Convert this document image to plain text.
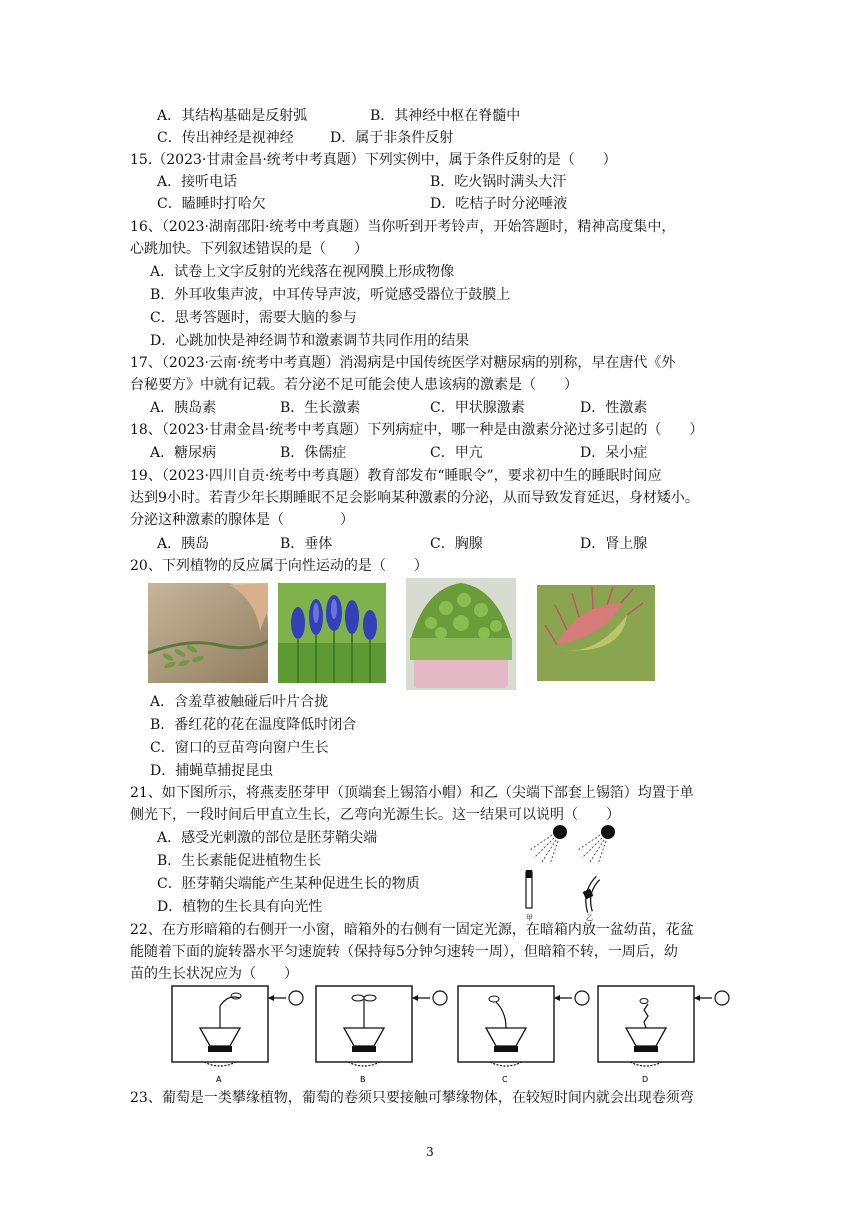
A．其结构基础是反射弧	B．其神经中枢在脊髓中
C．传出神经是视神经	D．属于非条件反射
15.（2023·甘肃金昌·统考中考真题）下列实例中，属于条件反射的是（　　）
A．接听电话	B．吃火锅时满头大汗
C．瞌睡时打哈欠	D．吃桔子时分泌唾液
16、（2023·湖南邵阳·统考中考真题）当你听到开考铃声，开始答题时，精神高度集中，
心跳加快。下列叙述错误的是（　　）
A．试卷上文字反射的光线落在视网膜上形成物像
B．外耳收集声波，中耳传导声波，听觉感受器位于鼓膜上
C．思考答题时，需要大脑的参与
D．心跳加快是神经调节和激素调节共同作用的结果
17、（2023·云南·统考中考真题）消渴病是中国传统医学对糖尿病的别称，早在唐代《外
台秘要方》中就有记载。若分泌不足可能会使人患该病的激素是（　　）
A．胰岛素	B．生长激素	C．甲状腺激素	D．性激素
18、（2023·甘肃金昌·统考中考真题）下列病症中，哪一种是由激素分泌过多引起的（　　）
A．糖尿病	B．侏儒症	C．甲亢	D．呆小症
19、（2023·四川自贡·统考中考真题）教育部发布“睡眠令”，要求初中生的睡眠时间应
达到9小时。若青少年长期睡眠不足会影响某种激素的分泌，从而导致发育延迟，身材矮小。
分泌这种激素的腺体是（　　　　）
A．胰岛	B．垂体	C．胸腺	D．肾上腺
20、下列植物的反应属于向性运动的是（　　）
A．含羞草被触碰后叶片合拢
B．番红花的花在温度降低时闭合
C．窗口的豆苗弯向窗户生长
D．捕蝇草捕捉昆虫
21、如下图所示，将燕麦胚芽甲（顶端套上锡箔小帽）和乙（尖端下部套上锡箔）均置于单
侧光下，一段时间后甲直立生长，乙弯向光源生长。这一结果可以说明（　　）
A．感受光刺激的部位是胚芽鞘尖端
B．生长素能促进植物生长
C．胚芽鞘尖端能产生某种促进生长的物质
D．植物的生长具有向光性
甲	乙
22、在方形暗箱的右侧开一小窗，暗箱外的右侧有一固定光源，在暗箱内放一盆幼苗，花盆
能随着下面的旋转器水平匀速旋转（保持每5分钟匀速转一周），但暗箱不转，一周后，幼
苗的生长状况应为（　　）
A	B	C	D
23、葡萄是一类攀缘植物，葡萄的卷须只要接触可攀缘物体，在较短时间内就会出现卷须弯
3
